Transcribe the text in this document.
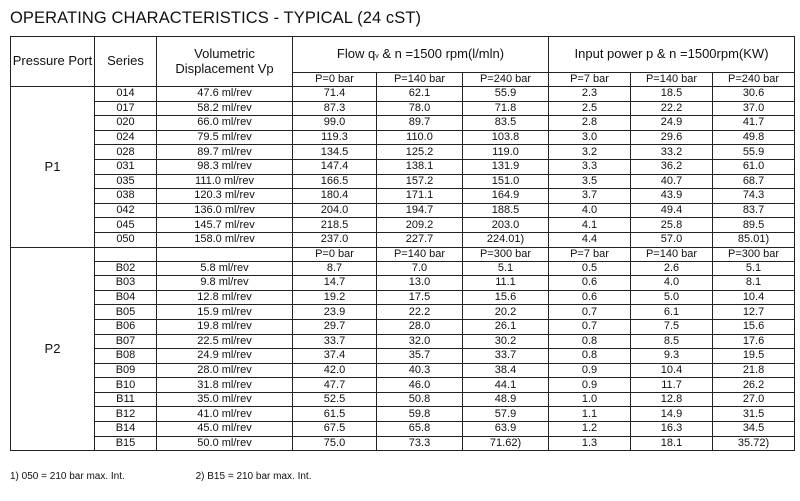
OPERATING CHARACTERISTICS - TYPICAL (24 cST)
Pressure Port	Series	Volumetric Displacement Vp	Flow qv & n =1500 rpm(l/mln)			Input power p & n =1500rpm(KW)		
			P=0 bar	P=140 bar	P=240 bar	P=7 bar	P=140 bar	P=240 bar
P1	014	47.6 ml/rev	71.4	62.1	55.9	2.3	18.5	30.6
	017	58.2 ml/rev	87.3	78.0	71.8	2.5	22.2	37.0
	020	66.0 ml/rev	99.0	89.7	83.5	2.8	24.9	41.7
	024	79.5 ml/rev	119.3	110.0	103.8	3.0	29.6	49.8
	028	89.7 ml/rev	134.5	125.2	119.0	3.2	33.2	55.9
	031	98.3 ml/rev	147.4	138.1	131.9	3.3	36.2	61.0
	035	111.0 ml/rev	166.5	157.2	151.0	3.5	40.7	68.7
	038	120.3 ml/rev	180.4	171.1	164.9	3.7	43.9	74.3
	042	136.0 ml/rev	204.0	194.7	188.5	4.0	49.4	83.7
	045	145.7 ml/rev	218.5	209.2	203.0	4.1	25.8	89.5
	050	158.0 ml/rev	237.0	227.7	224.01)	4.4	57.0	85.01)
P2			P=0 bar	P=140 bar	P=300 bar	P=7 bar	P=140 bar	P=300 bar
	B02	5.8 ml/rev	8.7	7.0	5.1	0.5	2.6	5.1
	B03	9.8 ml/rev	14.7	13.0	11.1	0.6	4.0	8.1
	B04	12.8 ml/rev	19.2	17.5	15.6	0.6	5.0	10.4
	B05	15.9 ml/rev	23.9	22.2	20.2	0.7	6.1	12.7
	B06	19.8 ml/rev	29.7	28.0	26.1	0.7	7.5	15.6
	B07	22.5 ml/rev	33.7	32.0	30.2	0.8	8.5	17.6
	B08	24.9 ml/rev	37.4	35.7	33.7	0.8	9.3	19.5
	B09	28.0 ml/rev	42.0	40.3	38.4	0.9	10.4	21.8
	B10	31.8 ml/rev	47.7	46.0	44.1	0.9	11.7	26.2
	B11	35.0 ml/rev	52.5	50.8	48.9	1.0	12.8	27.0
	B12	41.0 ml/rev	61.5	59.8	57.9	1.1	14.9	31.5
	B14	45.0 ml/rev	67.5	65.8	63.9	1.2	16.3	34.5
	B15	50.0 ml/rev	75.0	73.3	71.62)	1.3	18.1	35.72)
1) 050 = 210 bar max. Int.	2) B15 = 210 bar max. Int.
